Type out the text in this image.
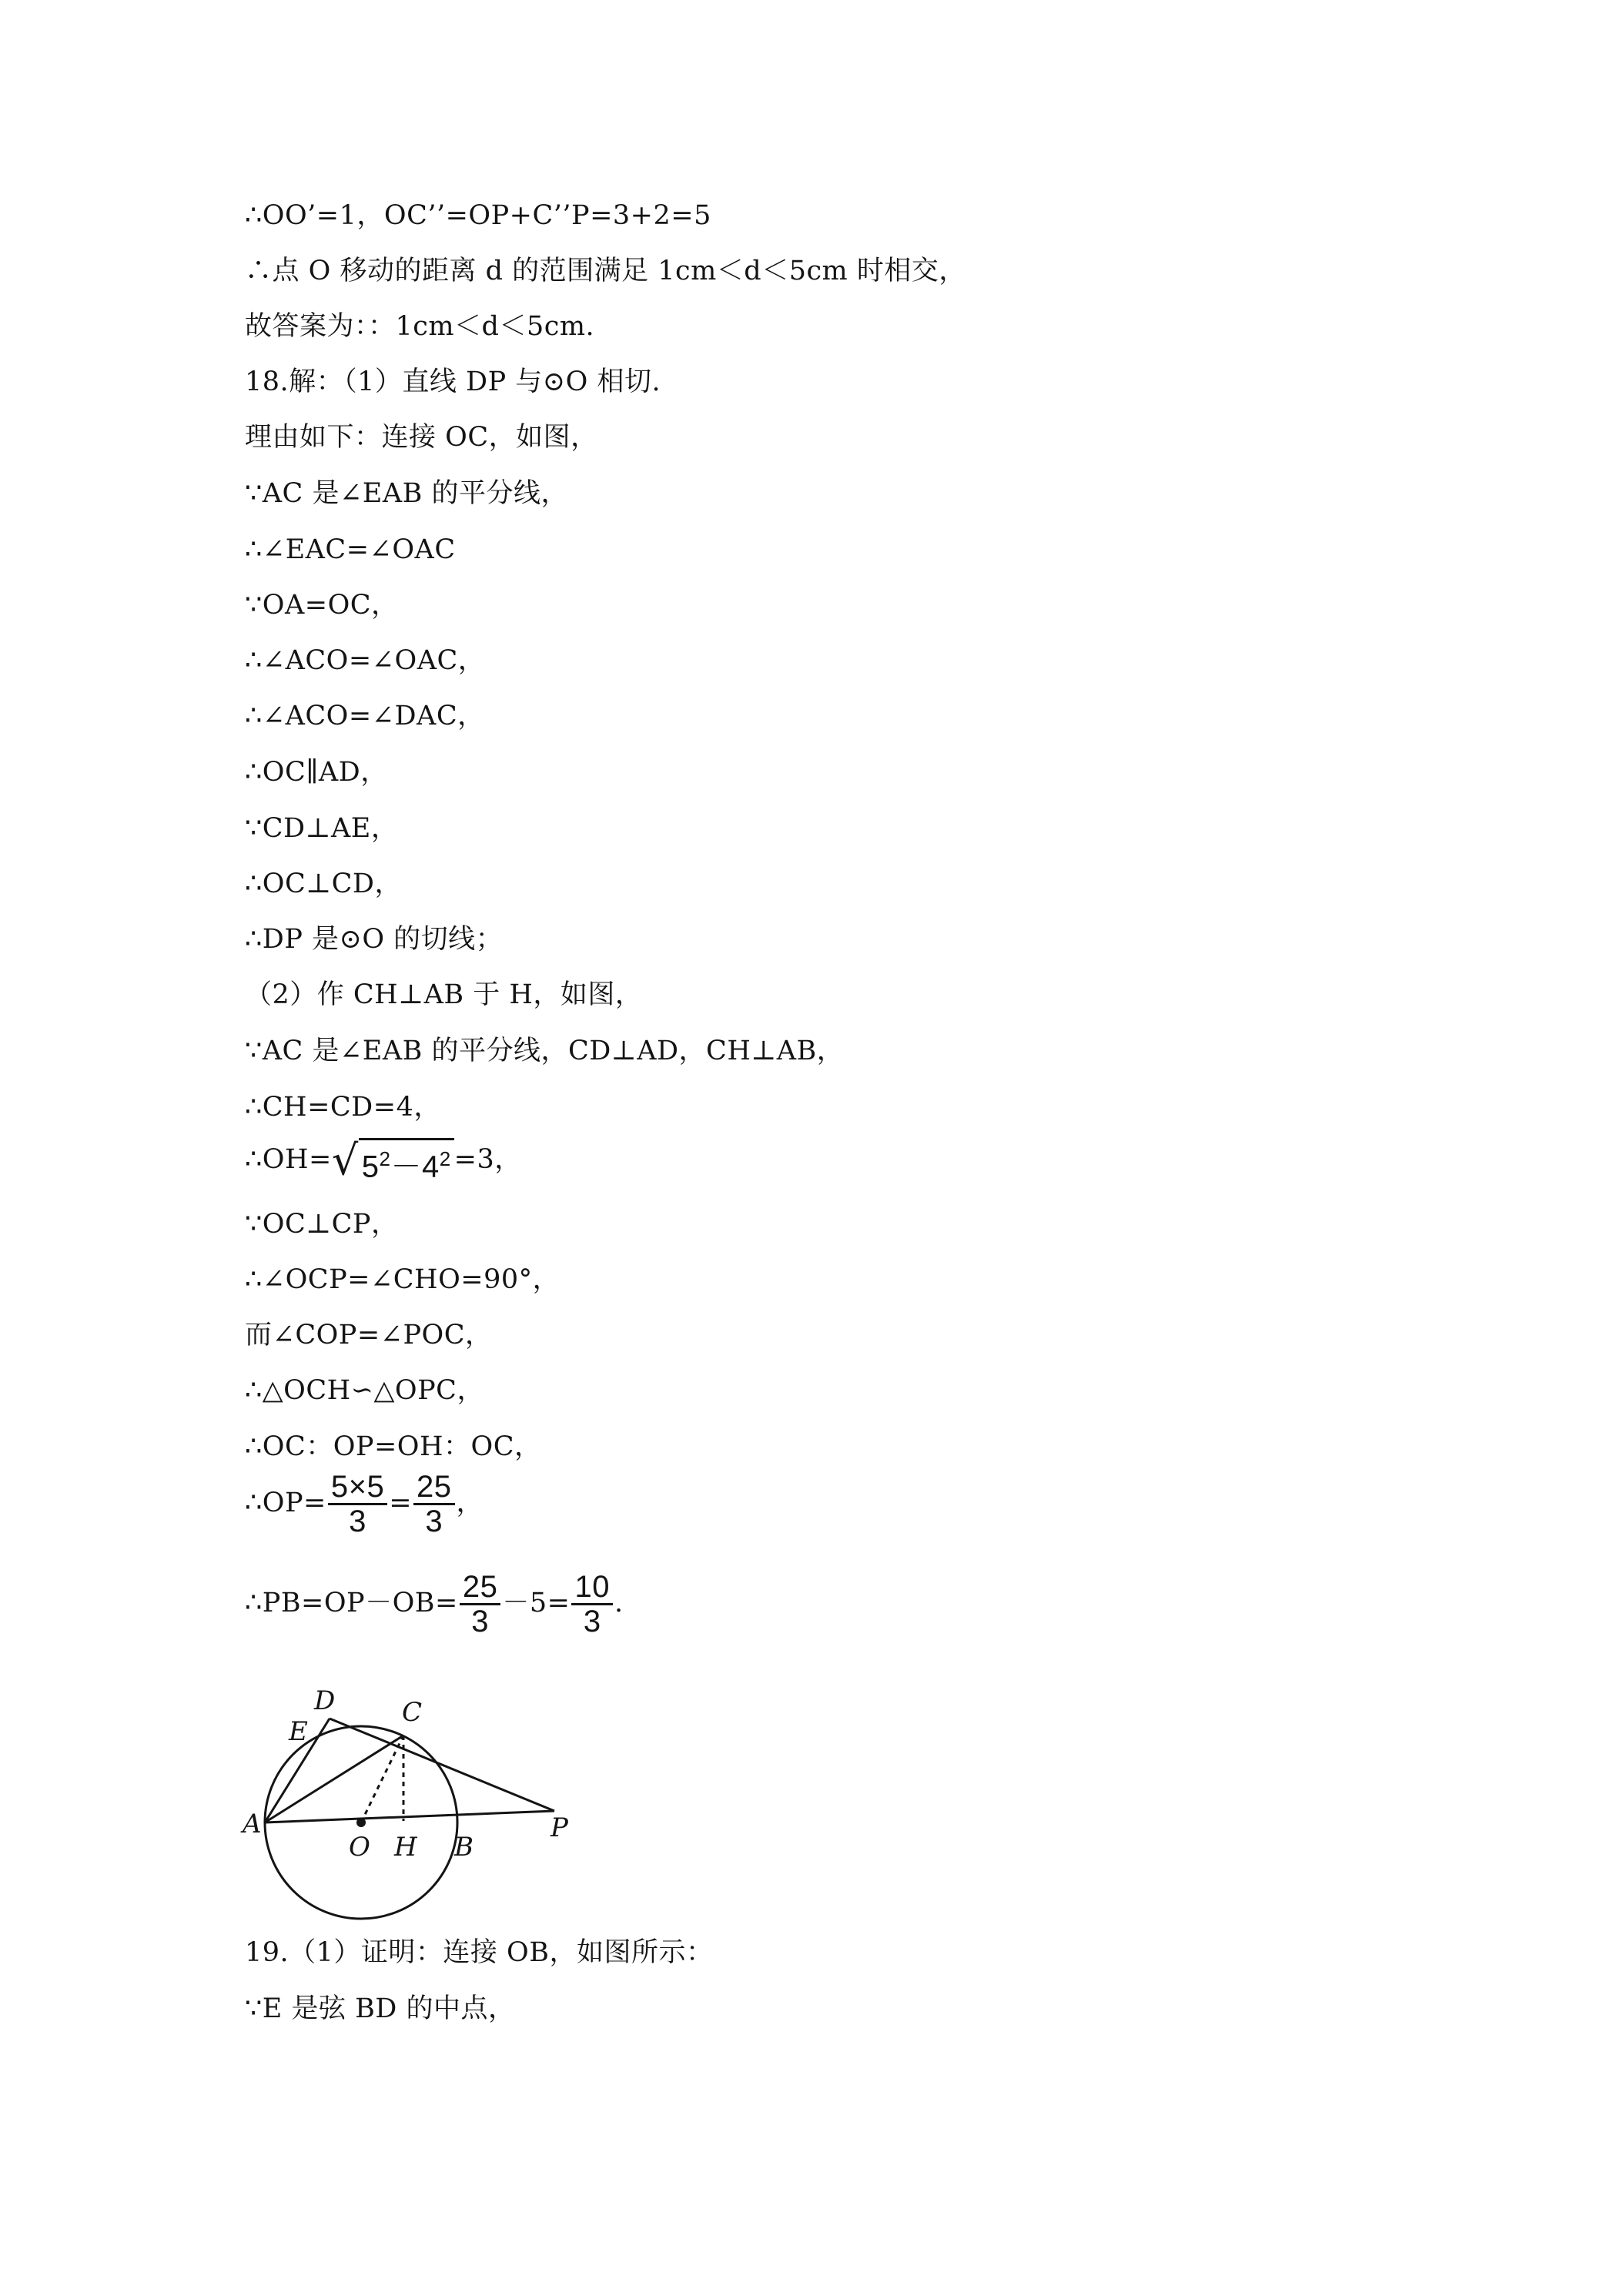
∴OO’=1，OC’’=OP+C’’P=3+2=5
∴点 O 移动的距离 d 的范围满足 1cm＜d＜5cm 时相交，
故答案为：：1cm＜d＜5cm.
18.解：（1）直线 DP 与⊙O 相切.
理由如下：连接 OC，如图，
∵AC 是∠EAB 的平分线，
∴∠EAC=∠OAC
∵OA=OC，
∴∠ACO=∠OAC，
∴∠ACO=∠DAC，
∴OC∥AD，
∵CD⊥AE，
∴OC⊥CD，
∴DP 是⊙O 的切线；
（2）作 CH⊥AB 于 H，如图，
∵AC 是∠EAB 的平分线，CD⊥AD，CH⊥AB，
∴CH=CD=4，
∴OH=√ $5^2-4^2 =3$，
∵OC⊥CP，
∴∠OCP=∠CHO=90°，
而∠COP=∠POC，
∴△OCH∽△OPC，
∴OC：OP=OH：OC，
∴OP= $\frac{5\times 5}{3} = \frac{25}{3}$ ，
∴PB=OP－OB= $\frac{25}{3} -5= \frac{10}{3}$ .
19.（1）证明：连接 OB，如图所示：
∵E 是弦 BD 的中点，
D
E
C
A
O H B
P
